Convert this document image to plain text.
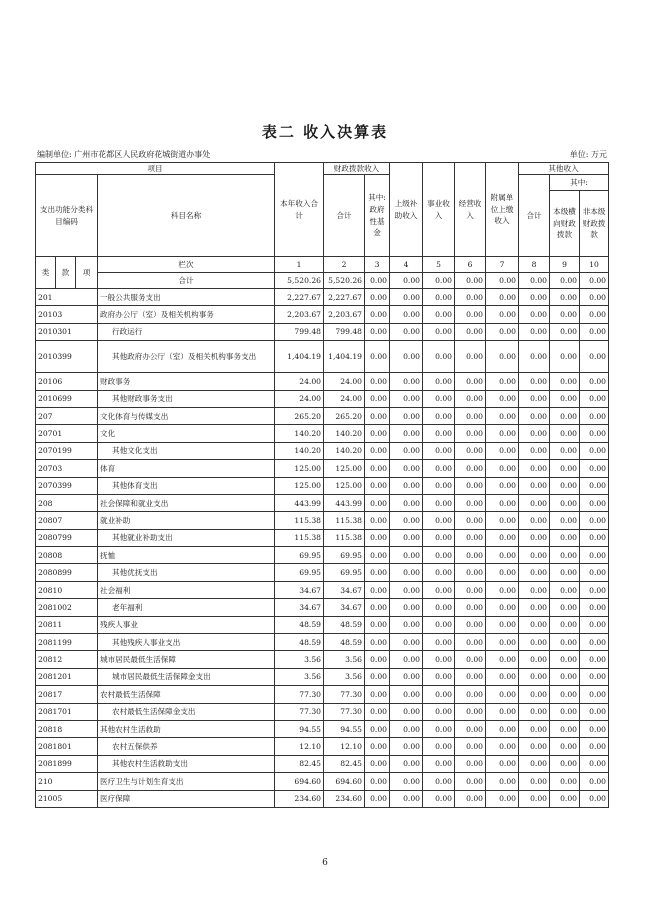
表二 收入决算表
编制单位: 广州市花都区人民政府花城街道办事处	单位: 万元
项目				本年收入合计	财政拨款收入		上级补助收入	事业收入	经营收入	附属单位上缴收入	其他收入		
支出功能分类科目编码			科目名称		合计	其中:政府性基金					合计	其中:	
												本级横向财政拨款	非本级财政拨款
类	款	项	栏次	1	2	3	4	5	6	7	8	9	10
			合计	5,520.26	5,520.26	0.00	0.00	0.00	0.00	0.00	0.00	0.00	0.00
201			一般公共服务支出	2,227.67	2,227.67	0.00	0.00	0.00	0.00	0.00	0.00	0.00	0.00
20103			政府办公厅（室）及相关机构事务	2,203.67	2,203.67	0.00	0.00	0.00	0.00	0.00	0.00	0.00	0.00
2010301			行政运行	799.48	799.48	0.00	0.00	0.00	0.00	0.00	0.00	0.00	0.00
2010399			其他政府办公厅（室）及相关机构事务支出	1,404.19	1,404.19	0.00	0.00	0.00	0.00	0.00	0.00	0.00	0.00
20106			财政事务	24.00	24.00	0.00	0.00	0.00	0.00	0.00	0.00	0.00	0.00
2010699			其他财政事务支出	24.00	24.00	0.00	0.00	0.00	0.00	0.00	0.00	0.00	0.00
207			文化体育与传媒支出	265.20	265.20	0.00	0.00	0.00	0.00	0.00	0.00	0.00	0.00
20701			文化	140.20	140.20	0.00	0.00	0.00	0.00	0.00	0.00	0.00	0.00
2070199			其他文化支出	140.20	140.20	0.00	0.00	0.00	0.00	0.00	0.00	0.00	0.00
20703			体育	125.00	125.00	0.00	0.00	0.00	0.00	0.00	0.00	0.00	0.00
2070399			其他体育支出	125.00	125.00	0.00	0.00	0.00	0.00	0.00	0.00	0.00	0.00
208			社会保障和就业支出	443.99	443.99	0.00	0.00	0.00	0.00	0.00	0.00	0.00	0.00
20807			就业补助	115.38	115.38	0.00	0.00	0.00	0.00	0.00	0.00	0.00	0.00
2080799			其他就业补助支出	115.38	115.38	0.00	0.00	0.00	0.00	0.00	0.00	0.00	0.00
20808			抚恤	69.95	69.95	0.00	0.00	0.00	0.00	0.00	0.00	0.00	0.00
2080899			其他优抚支出	69.95	69.95	0.00	0.00	0.00	0.00	0.00	0.00	0.00	0.00
20810			社会福利	34.67	34.67	0.00	0.00	0.00	0.00	0.00	0.00	0.00	0.00
2081002			老年福利	34.67	34.67	0.00	0.00	0.00	0.00	0.00	0.00	0.00	0.00
20811			残疾人事业	48.59	48.59	0.00	0.00	0.00	0.00	0.00	0.00	0.00	0.00
2081199			其他残疾人事业支出	48.59	48.59	0.00	0.00	0.00	0.00	0.00	0.00	0.00	0.00
20812			城市居民最低生活保障	3.56	3.56	0.00	0.00	0.00	0.00	0.00	0.00	0.00	0.00
2081201			城市居民最低生活保障金支出	3.56	3.56	0.00	0.00	0.00	0.00	0.00	0.00	0.00	0.00
20817			农村最低生活保障	77.30	77.30	0.00	0.00	0.00	0.00	0.00	0.00	0.00	0.00
2081701			农村最低生活保障金支出	77.30	77.30	0.00	0.00	0.00	0.00	0.00	0.00	0.00	0.00
20818			其他农村生活救助	94.55	94.55	0.00	0.00	0.00	0.00	0.00	0.00	0.00	0.00
2081801			农村五保供养	12.10	12.10	0.00	0.00	0.00	0.00	0.00	0.00	0.00	0.00
2081899			其他农村生活救助支出	82.45	82.45	0.00	0.00	0.00	0.00	0.00	0.00	0.00	0.00
210			医疗卫生与计划生育支出	694.60	694.60	0.00	0.00	0.00	0.00	0.00	0.00	0.00	0.00
21005			医疗保障	234.60	234.60	0.00	0.00	0.00	0.00	0.00	0.00	0.00	0.00
6
